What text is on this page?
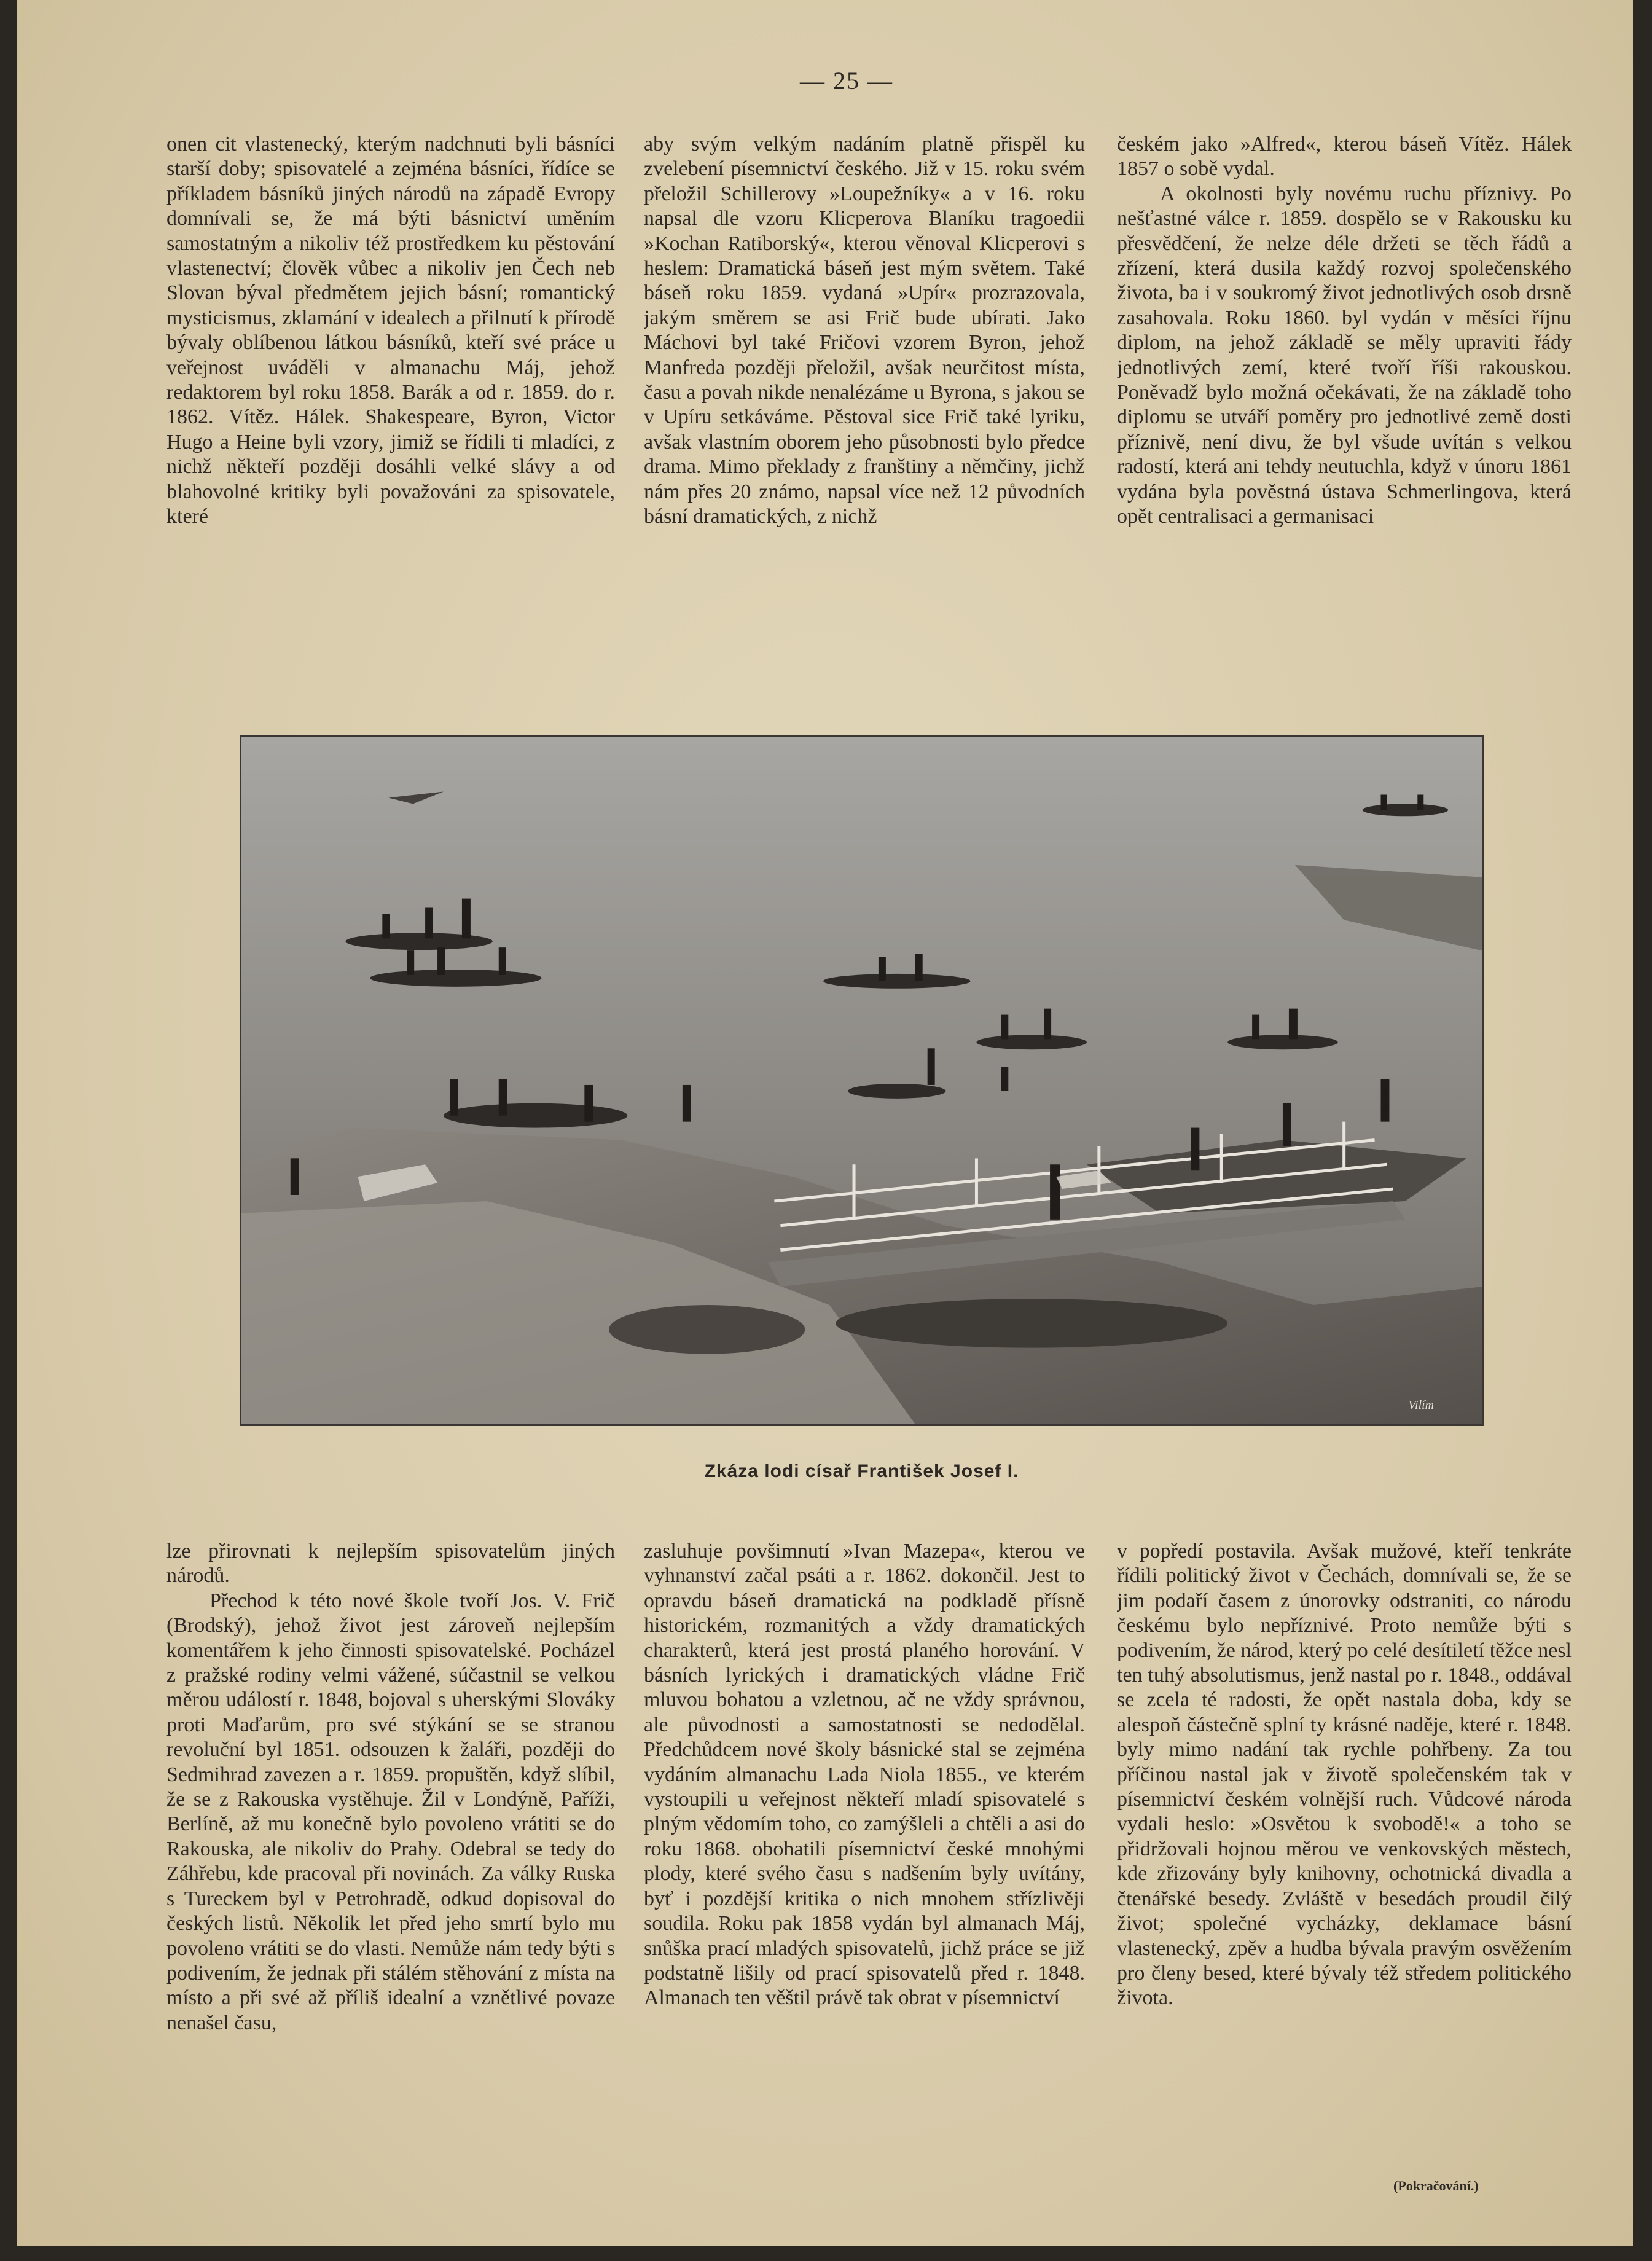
— 25 —

onen cit vlastenecký, kterým nadchnuti byli básníci starší doby; spisovatelé a zejména básníci, řídíce se příkladem básníků jiných národů na západě Evropy domnívali se, že má býti básnictví uměním samostatným a nikoliv též prostředkem ku pěstování vlastenectví; člověk vůbec a nikoliv jen Čech neb Slovan býval předmětem jejich básní; romantický mysticismus, zklamání v idealech a přilnutí k přírodě bývaly oblíbenou látkou básníků, kteří své práce u veřejnost uváděli v almanachu Máj, jehož redaktorem byl roku 1858. Barák a od r. 1859. do r. 1862. Vítěz. Hálek. Shakespeare, Byron, Victor Hugo a Heine byli vzory, jimiž se řídili ti mladíci, z nichž někteří později dosáhli velké slávy a od blahovolné kritiky byli považováni za spisovatele, které

aby svým velkým nadáním platně přispěl ku zvelebení písemnictví českého. Již v 15. roku svém přeložil Schillerovy »Loupežníky« a v 16. roku napsal dle vzoru Klicperova Blaníku tragoedii »Kochan Ratiborský«, kterou věnoval Klicperovi s heslem: Dramatická báseň jest mým světem. Také báseň roku 1859. vydaná »Upír« prozrazovala, jakým směrem se asi Frič bude ubírati. Jako Máchovi byl také Fričovi vzorem Byron, jehož Manfreda později přeložil, avšak neurčitost místa, času a povah nikde nenalézáme u Byrona, s jakou se v Upíru setkáváme. Pěstoval sice Frič také lyriku, avšak vlastním oborem jeho působnosti bylo předce drama. Mimo překlady z franštiny a němčiny, jichž nám přes 20 známo, napsal více než 12 původních básní dramatických, z nichž

českém jako »Alfred«, kterou báseň Vítěz. Hálek 1857 o sobě vydal.

A okolnosti byly novému ruchu příznivy. Po nešťastné válce r. 1859. dospělo se v Rakousku ku přesvědčení, že nelze déle držeti se těch řádů a zřízení, která dusila každý rozvoj společenského života, ba i v soukromý život jednotlivých osob drsně zasahovala. Roku 1860. byl vydán v měsíci říjnu diplom, na jehož základě se měly upraviti řády jednotlivých zemí, které tvoří říši rakouskou. Poněvadž bylo možná očekávati, že na základě toho diplomu se utváří poměry pro jednotlivé země dosti příznivě, není divu, že byl všude uvítán s velkou radostí, která ani tehdy neutuchla, když v únoru 1861 vydána byla pověstná ústava Schmerlingova, která opět centralisaci a germanisaci

Vilím
Zkáza lodi císař František Josef I.

lze přirovnati k nejlepším spisovatelům jiných národů.

Přechod k této nové škole tvoří Jos. V. Frič (Brodský), jehož život jest zároveň nejlepším komentářem k jeho činnosti spisovatelské. Pocházel z pražské rodiny velmi vážené, súčastnil se velkou měrou událostí r. 1848, bojoval s uherskými Slováky proti Maďarům, pro své stýkání se se stranou revoluční byl 1851. odsouzen k žaláři, později do Sedmihrad zavezen a r. 1859. propuštěn, když slíbil, že se z Rakouska vystěhuje. Žil v Londýně, Paříži, Berlíně, až mu konečně bylo povoleno vrátiti se do Rakouska, ale nikoliv do Prahy. Odebral se tedy do Záhřebu, kde pracoval při novinách. Za války Ruska s Tureckem byl v Petrohradě, odkud dopisoval do českých listů. Několik let před jeho smrtí bylo mu povoleno vrátiti se do vlasti. Nemůže nám tedy býti s podivením, že jednak při stálém stěhování z místa na místo a při své až příliš idealní a vznětlivé povaze nenašel času,

zasluhuje povšimnutí »Ivan Mazepa«, kterou ve vyhnanství začal psáti a r. 1862. dokončil. Jest to opravdu báseň dramatická na podkladě přísně historickém, rozmanitých a vždy dramatických charakterů, která jest prostá planého horování. V básních lyrických i dramatických vládne Frič mluvou bohatou a vzletnou, ač ne vždy správnou, ale původnosti a samostatnosti se nedodělal. Předchůdcem nové školy básnické stal se zejména vydáním almanachu Lada Niola 1855., ve kterém vystoupili u veřejnost někteří mladí spisovatelé s plným vědomím toho, co zamýšleli a chtěli a asi do roku 1868. obohatili písemnictví české mnohými plody, které svého času s nadšením byly uvítány, byť i pozdější kritika o nich mnohem střízlivěji soudila. Roku pak 1858 vydán byl almanach Máj, snůška prací mladých spisovatelů, jichž práce se již podstatně lišily od prací spisovatelů před r. 1848. Almanach ten věštil právě tak obrat v písemnictví

v popředí postavila. Avšak mužové, kteří tenkráte řídili politický život v Čechách, domnívali se, že se jim podaří časem z únorovky odstraniti, co národu českému bylo nepříznivé. Proto nemůže býti s podivením, že národ, který po celé desítiletí těžce nesl ten tuhý absolutismus, jenž nastal po r. 1848., oddával se zcela té radosti, že opět nastala doba, kdy se alespoň částečně splní ty krásné naděje, které r. 1848. byly mimo nadání tak rychle pohřbeny. Za tou příčinou nastal jak v životě společenském tak v písemnictví českém volnější ruch. Vůdcové národa vydali heslo: »Osvětou k svobodě!« a toho se přidržovali hojnou měrou ve venkovských městech, kde zřizovány byly knihovny, ochotnická divadla a čtenářské besedy. Zvláště v besedách proudil čilý život; společné vycházky, deklamace básní vlastenecký, zpěv a hudba bývala pravým osvěžením pro členy besed, které bývaly též středem politického života.

(Pokračování.)
